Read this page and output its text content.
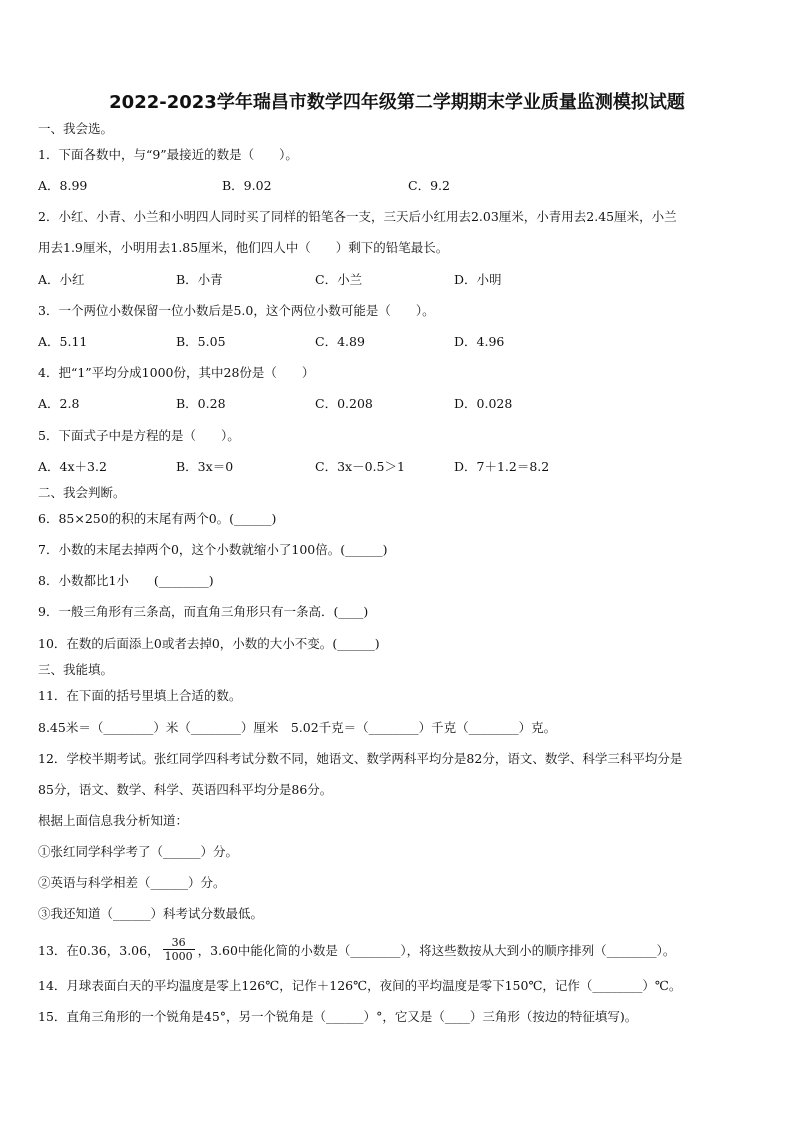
2022-2023学年瑞昌市数学四年级第二学期期末学业质量监测模拟试题
一、我会选。
1．下面各数中，与“9”最接近的数是（　　）。
A．8.99	B．9.02	C．9.2
2．小红、小青、小兰和小明四人同时买了同样的铅笔各一支，三天后小红用去2.03厘米，小青用去2.45厘米，小兰
用去1.9厘米，小明用去1.85厘米，他们四人中（　　）剩下的铅笔最长。
A．小红	B．小青	C．小兰	D．小明
3．一个两位小数保留一位小数后是5.0，这个两位小数可能是（　　）。
A．5.11	B．5.05	C．4.89	D．4.96
4．把“1”平均分成1000份，其中28份是（　　）
A．2.8	B．0.28	C．0.208	D．0.028
5．下面式子中是方程的是（　　）。
A．4x＋3.2	B．3x＝0	C．3x－0.5＞1	D．7＋1.2＝8.2
二、我会判断。
6．85×250的积的末尾有两个0。(______)
7．小数的末尾去掉两个0，这个小数就缩小了100倍。(______)
8．小数都比1小　　(________)
9．一般三角形有三条高，而直角三角形只有一条高．(____)
10．在数的后面添上0或者去掉0，小数的大小不变。(______)
三、我能填。
11．在下面的括号里填上合适的数。
8.45米＝（________）米（________）厘米　5.02千克＝（________）千克（________）克。
12．学校半期考试。张红同学四科考试分数不同，她语文、数学两科平均分是82分，语文、数学、科学三科平均分是
85分，语文、数学、科学、英语四科平均分是86分。
根据上面信息我分析知道：
①张红同学科学考了（______）分。
②英语与科学相差（______）分。
③我还知道（______）科考试分数最低。
13．在0.36，3.06， $\frac{36}{1000}$ ，3.60中能化简的小数是（________），将这些数按从大到小的顺序排列（________）。
14．月球表面白天的平均温度是零上126℃，记作＋126℃，夜间的平均温度是零下150℃，记作（________）℃。
15．直角三角形的一个锐角是45°，另一个锐角是（______）°，它又是（____）三角形（按边的特征填写)。
